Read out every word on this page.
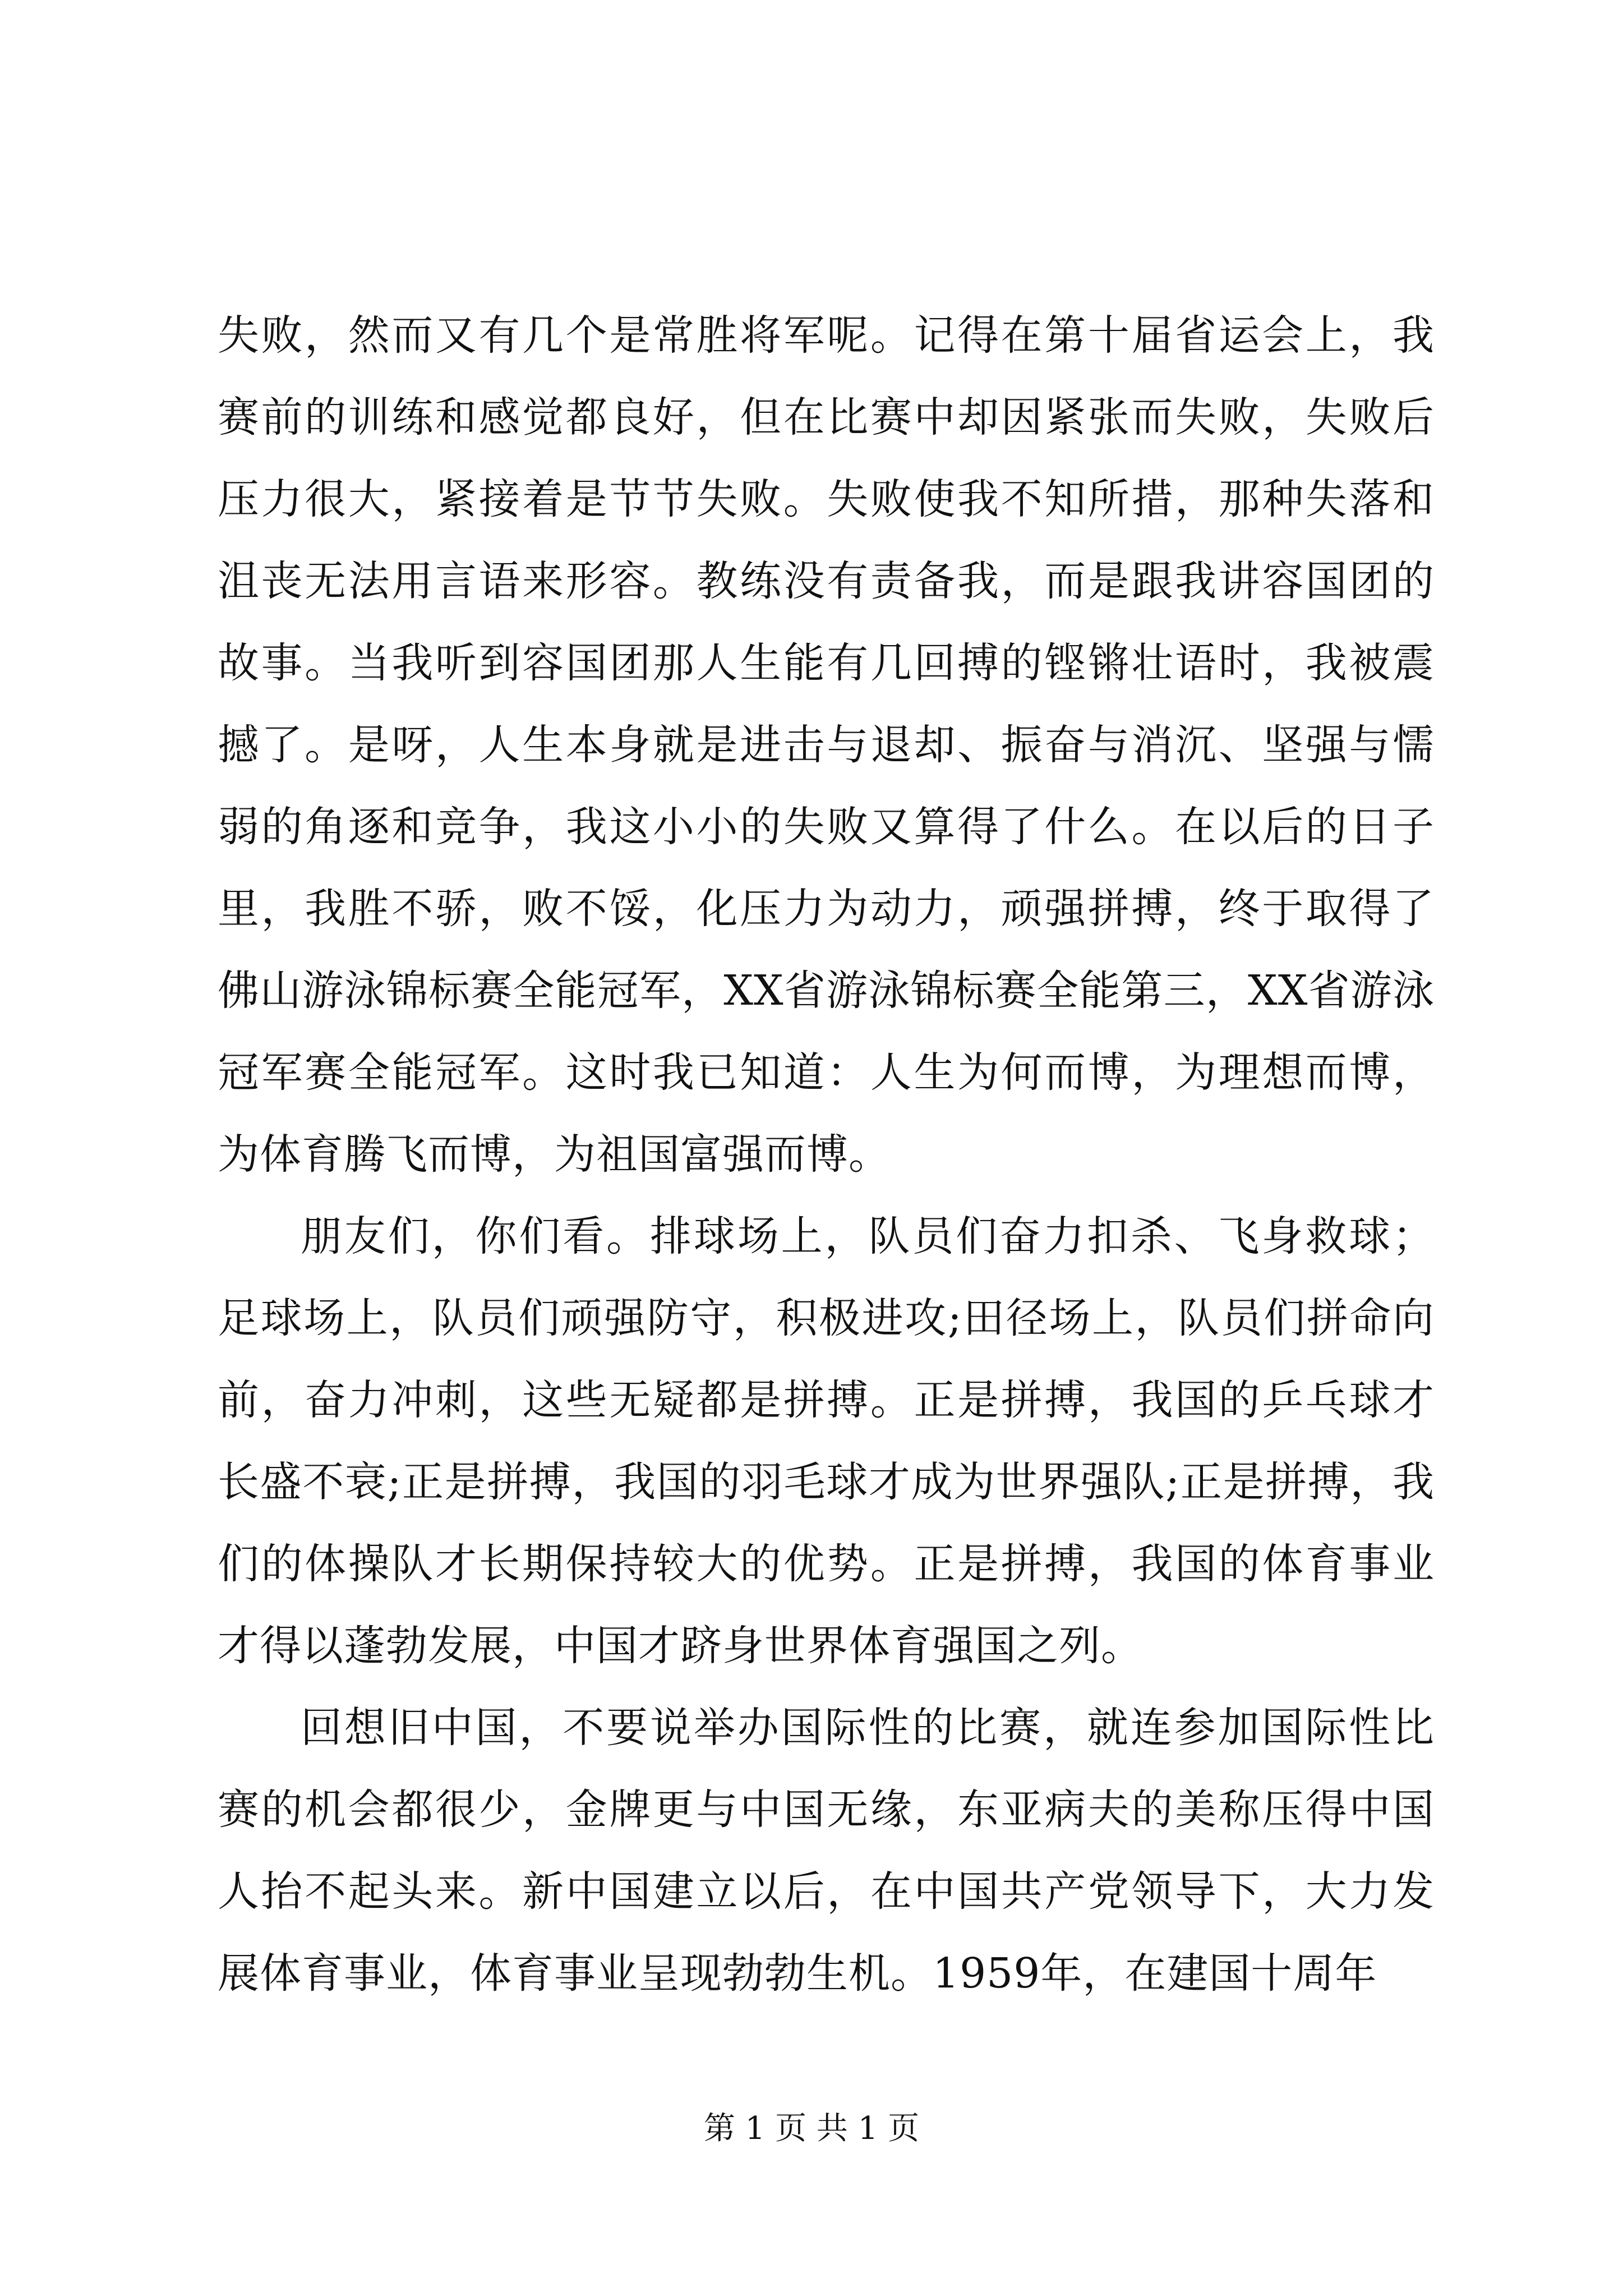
失败，然而又有几个是常胜将军呢。记得在第十届省运会上，我赛前的训练和感觉都良好，但在比赛中却因紧张而失败，失败后压力很大，紧接着是节节失败。失败使我不知所措，那种失落和沮丧无法用言语来形容。教练没有责备我，而是跟我讲容国团的故事。当我听到容国团那人生能有几回搏的铿锵壮语时，我被震撼了。是呀，人生本身就是进击与退却、振奋与消沉、坚强与懦弱的角逐和竞争，我这小小的失败又算得了什么。在以后的日子里，我胜不骄，败不馁，化压力为动力，顽强拼搏，终于取得了佛山游泳锦标赛全能冠军，XX省游泳锦标赛全能第三，XX省游泳冠军赛全能冠军。这时我已知道：人生为何而博，为理想而博，为体育腾飞而博，为祖国富强而博。

朋友们，你们看。排球场上，队员们奋力扣杀、飞身救球；足球场上，队员们顽强防守，积极进攻;田径场上，队员们拼命向前，奋力冲刺，这些无疑都是拼搏。正是拼搏，我国的乒乓球才长盛不衰;正是拼搏，我国的羽毛球才成为世界强队;正是拼搏，我们的体操队才长期保持较大的优势。正是拼搏，我国的体育事业才得以蓬勃发展，中国才跻身世界体育强国之列。

回想旧中国，不要说举办国际性的比赛，就连参加国际性比赛的机会都很少，金牌更与中国无缘，东亚病夫的美称压得中国人抬不起头来。新中国建立以后，在中国共产党领导下，大力发展体育事业，体育事业呈现勃勃生机。1959年，在建国十周年

第 1 页 共 1 页
